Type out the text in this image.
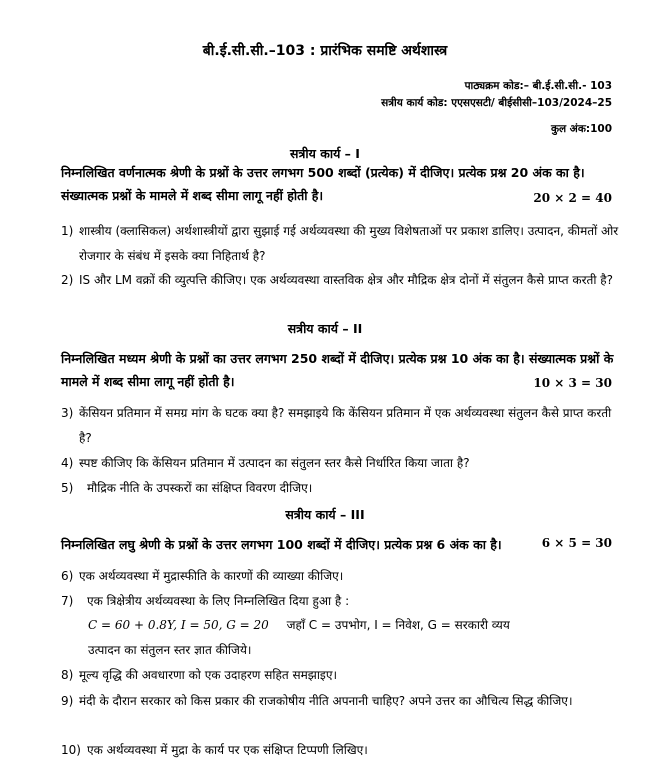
बी.ई.सी.सी.–103 : प्रारंभिक समष्टि अर्थशास्त्र
पाठ्यक्रम कोड:– बी.ई.सी.सी.- 103
सत्रीय कार्य कोड: एएसएसटी/ बीईसीसी–103/2024–25
कुल अंक:100
सत्रीय कार्य – I
निम्नलिखित वर्णनात्मक श्रेणी के प्रश्नों के उत्तर लगभग 500 शब्दों (प्रत्येक) में दीजिए। प्रत्येक प्रश्न 20 अंक का है। संख्यात्मक प्रश्नों के मामले में शब्द सीमा लागू नहीं होती है।	20 × 2 = 40
1) शास्त्रीय (क्लासिकल) अर्थशास्त्रीयों द्वारा सुझाई गई अर्थव्यवस्था की मुख्य विशेषताओं पर प्रकाश डालिए। उत्पादन, कीमतों ओर रोजगार के संबंध में इसके क्या निहितार्थ है?
2) IS और LM वक्रों की व्युत्पत्ति कीजिए। एक अर्थव्यवस्था वास्तविक क्षेत्र और मौद्रिक क्षेत्र दोनों में संतुलन कैसे प्राप्त करती है?
सत्रीय कार्य – II
निम्नलिखित मध्यम श्रेणी के प्रश्नों का उत्तर लगभग 250 शब्दों में दीजिए। प्रत्येक प्रश्न 10 अंक का है। संख्यात्मक प्रश्नों के मामले में शब्द सीमा लागू नहीं होती है।	10 × 3 = 30
3) केंसियन प्रतिमान में समग्र मांग के घटक क्या है? समझाइये कि केंसियन प्रतिमान में एक अर्थव्यवस्था संतुलन कैसे प्राप्त करती है?
4) स्पष्ट कीजिए कि केंसियन प्रतिमान में उत्पादन का संतुलन स्तर कैसे निर्धारित किया जाता है?
5)	मौद्रिक नीति के उपस्करों का संक्षिप्त विवरण दीजिए।
सत्रीय कार्य – III
निम्नलिखित लघु श्रेणी के प्रश्नों के उत्तर लगभग 100 शब्दों में दीजिए। प्रत्येक प्रश्न 6 अंक का है।	6 × 5 = 30
6) एक अर्थव्यवस्था में मुद्रास्फीति के कारणों की व्याख्या कीजिए।
7)	एक त्रिक्षेत्रीय अर्थव्यवस्था के लिए निम्नलिखित दिया हुआ है :
C = 60 + 0.8Y, I = 50, G = 20 जहाँ C = उपभोग, I = निवेश, G = सरकारी व्यय
उत्पादन का संतुलन स्तर ज्ञात कीजिये।
8) मूल्य वृद्धि की अवधारणा को एक उदाहरण सहित समझाइए।
9) मंदी के दौरान सरकार को किस प्रकार की राजकोषीय नीति अपनानी चाहिए? अपने उत्तर का औचित्य सिद्ध कीजिए।
10) एक अर्थव्यवस्था में मुद्रा के कार्य पर एक संक्षिप्त टिप्पणी लिखिए।
